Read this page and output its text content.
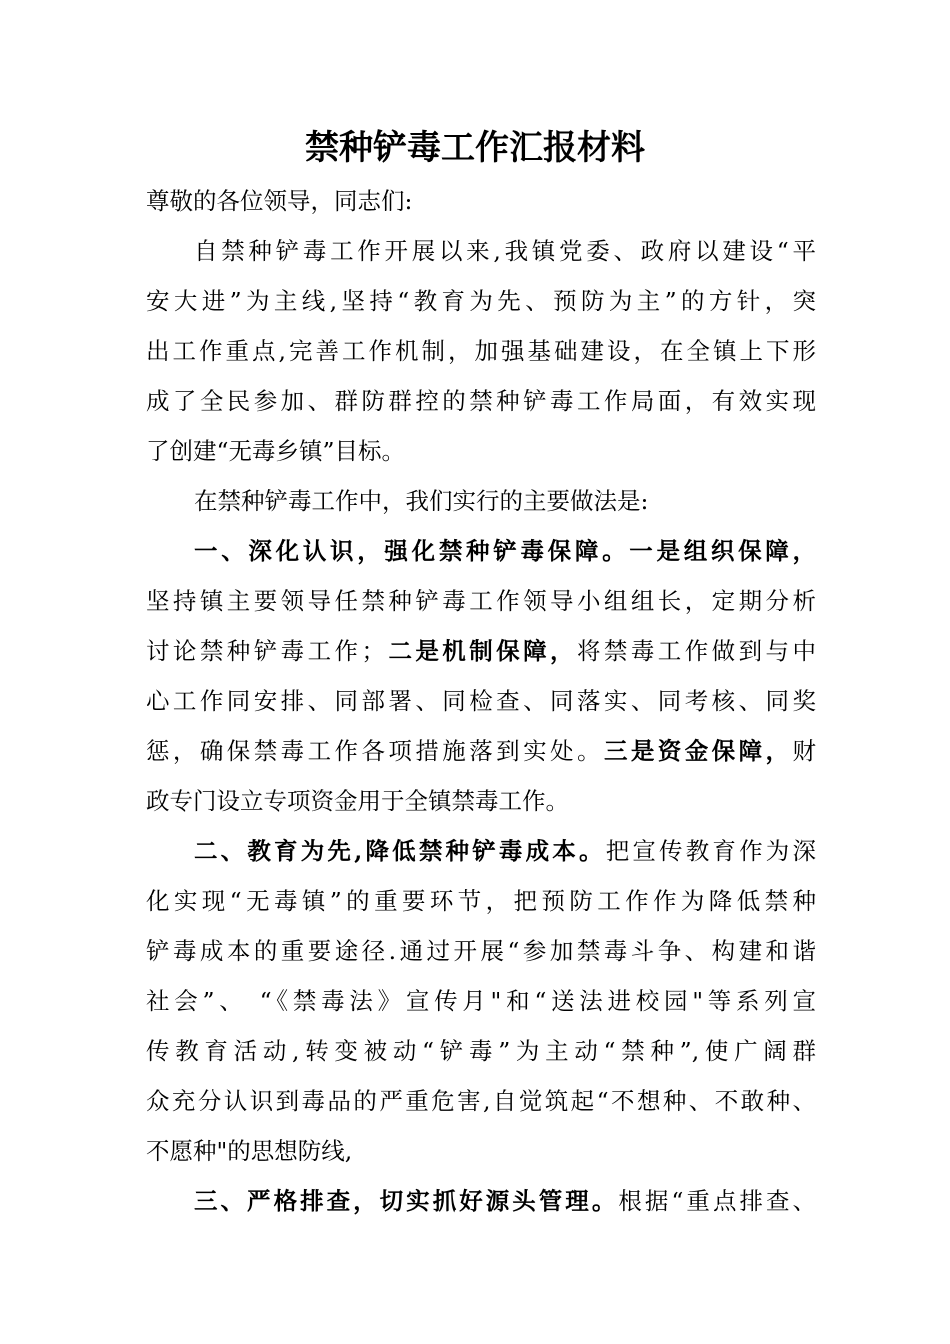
禁种铲毒工作汇报材料
尊敬的各位领导，同志们:
自禁种铲毒工作开展以来,我镇党委、政府以建设“平
安大进”为主线,坚持“教育为先、预防为主”的方针，突
出工作重点,完善工作机制，加强基础建设，在全镇上下形
成了全民参加、群防群控的禁种铲毒工作局面，有效实现
了创建“无毒乡镇”目标。
在禁种铲毒工作中，我们实行的主要做法是:
一、深化认识，强化禁种铲毒保障。一是组织保障，
坚持镇主要领导任禁种铲毒工作领导小组组长，定期分析
讨论禁种铲毒工作；二是机制保障，将禁毒工作做到与中
心工作同安排、同部署、同检查、同落实、同考核、同奖
惩，确保禁毒工作各项措施落到实处。三是资金保障，财
政专门设立专项资金用于全镇禁毒工作。
二、教育为先,降低禁种铲毒成本。把宣传教育作为深
化实现“无毒镇”的重要环节，把预防工作作为降低禁种
铲毒成本的重要途径.通过开展“参加禁毒斗争、构建和谐
社会”、 “《禁毒法》宣传月"和“送法进校园"等系列宣
传教育活动,转变被动“铲毒”为主动“禁种”,使广阔群
众充分认识到毒品的严重危害,自觉筑起“不想种、不敢种、
不愿种"的思想防线,
三、严格排查，切实抓好源头管理。根据“重点排查、
